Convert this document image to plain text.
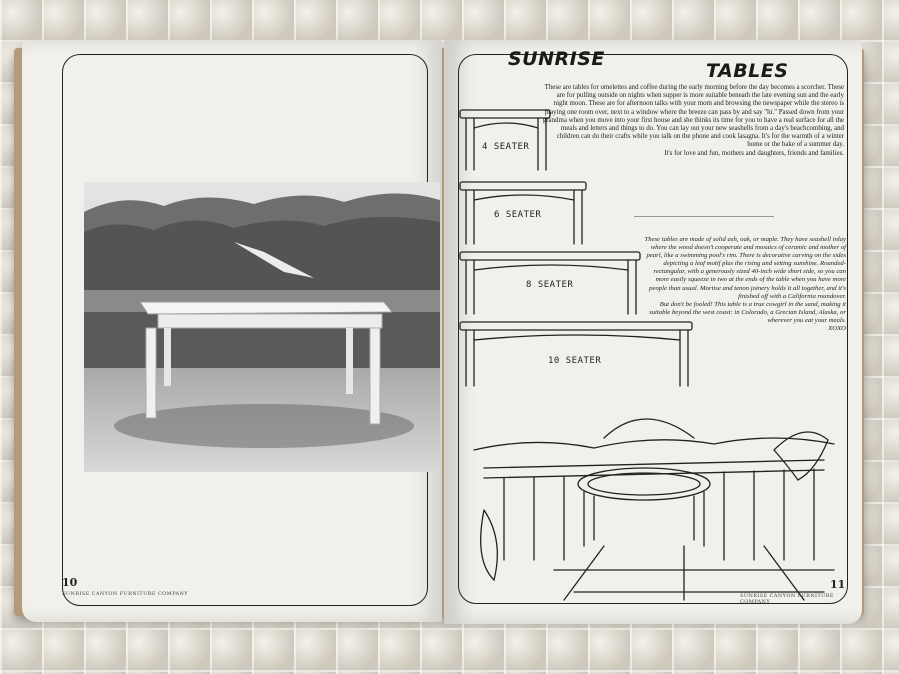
10
SUNRISE CANYON FURNITURE COMPANY
SUNRISE
TABLES

These are tables for omelettes and coffee during the early morning before the day becomes a scorcher. These are for pulling outside on nights when supper is more suitable beneath the late evening sun and the early night moon. These are for afternoon talks with your mom and browsing the newspaper while the stereo is playing one room over, next to a window where the breeze can pass by and say "hi." Passed down from your grandma when you move into your first house and she thinks its time for you to have a real surface for all the meals and letters and things to do. You can lay out your new seashells from a day's beachcombing, and children can do their crafts while you talk on the phone and cook lasagna. It's for the warmth of a winter home or the bake of a summer day.

It's for love and fun, mothers and daughters, friends and families.

These tables are made of solid ash, oak, or maple. They have seashell inlay where the wood doesn't cooperate and mosaics of ceramic and mother of pearl, like a swimming pool's rim. There is decorative carving on the sides depicting a leaf motif plus the rising and setting sunshine. Rounded-rectangular, with a generously sized 40-inch wide short side, so you can more easily squeeze in two at the ends of the table when you have more people than usual. Mortise and tenon joinery holds it all together, and it's finished off with a California roundover.

But don't be fooled! This table is a true cowgirl in the sand, making it suitable beyond the west coast: in Colorado, a Grecian Island, Alaska, or wherever you eat your meals.

XOXO

4 SEATER
6 SEATER
8 SEATER
10 SEATER
SUNRISE CANYON FURNITURE COMPANY
11
